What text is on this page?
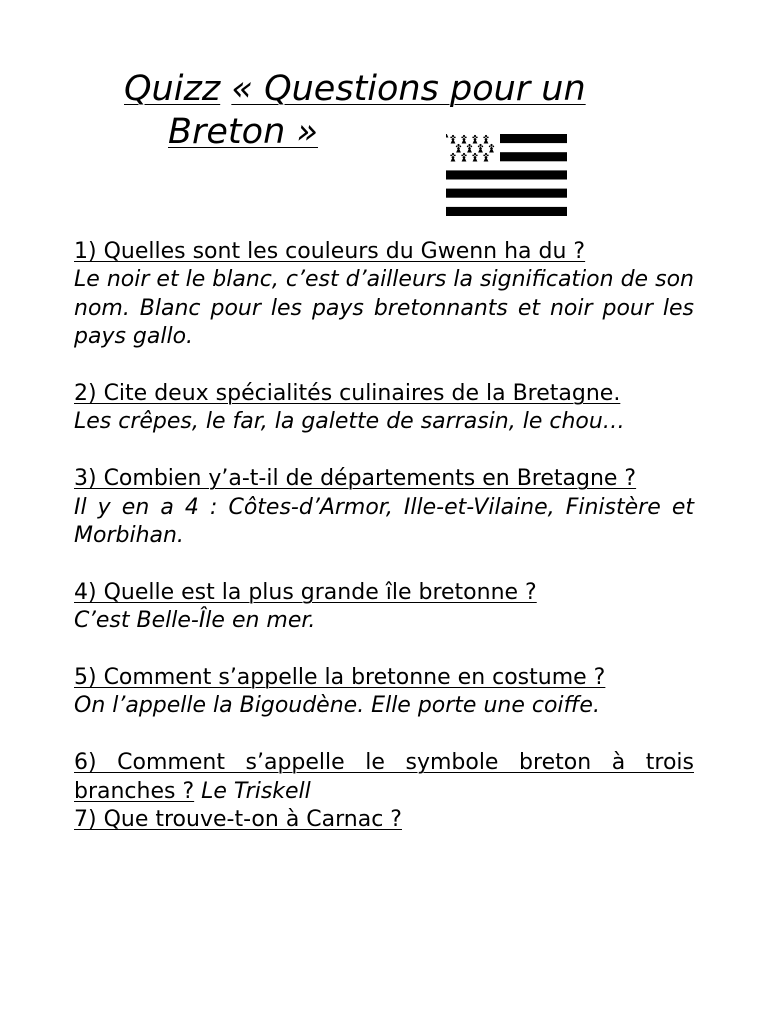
Quizz « Questions pour un
Breton »
1) Quelles sont les couleurs du Gwenn ha du ?
Le noir et le blanc, c’est d’ailleurs la signification de son nom. Blanc pour les pays bretonnants et noir pour les pays gallo.
2) Cite deux spécialités culinaires de la Bretagne.
Les crêpes, le far, la galette de sarrasin, le chou…
3) Combien y’a-t-il de départements en Bretagne ?
Il y en a 4 : Côtes-d’Armor, Ille-et-Vilaine, Finistère et Morbihan.
4) Quelle est la plus grande île bretonne ?
C’est Belle-Île en mer.
5) Comment s’appelle la bretonne en costume ?
On l’appelle la Bigoudène. Elle porte une coiffe.
6) Comment s’appelle le symbole breton à trois branches ? Le Triskell
7) Que trouve-t-on à Carnac ?
